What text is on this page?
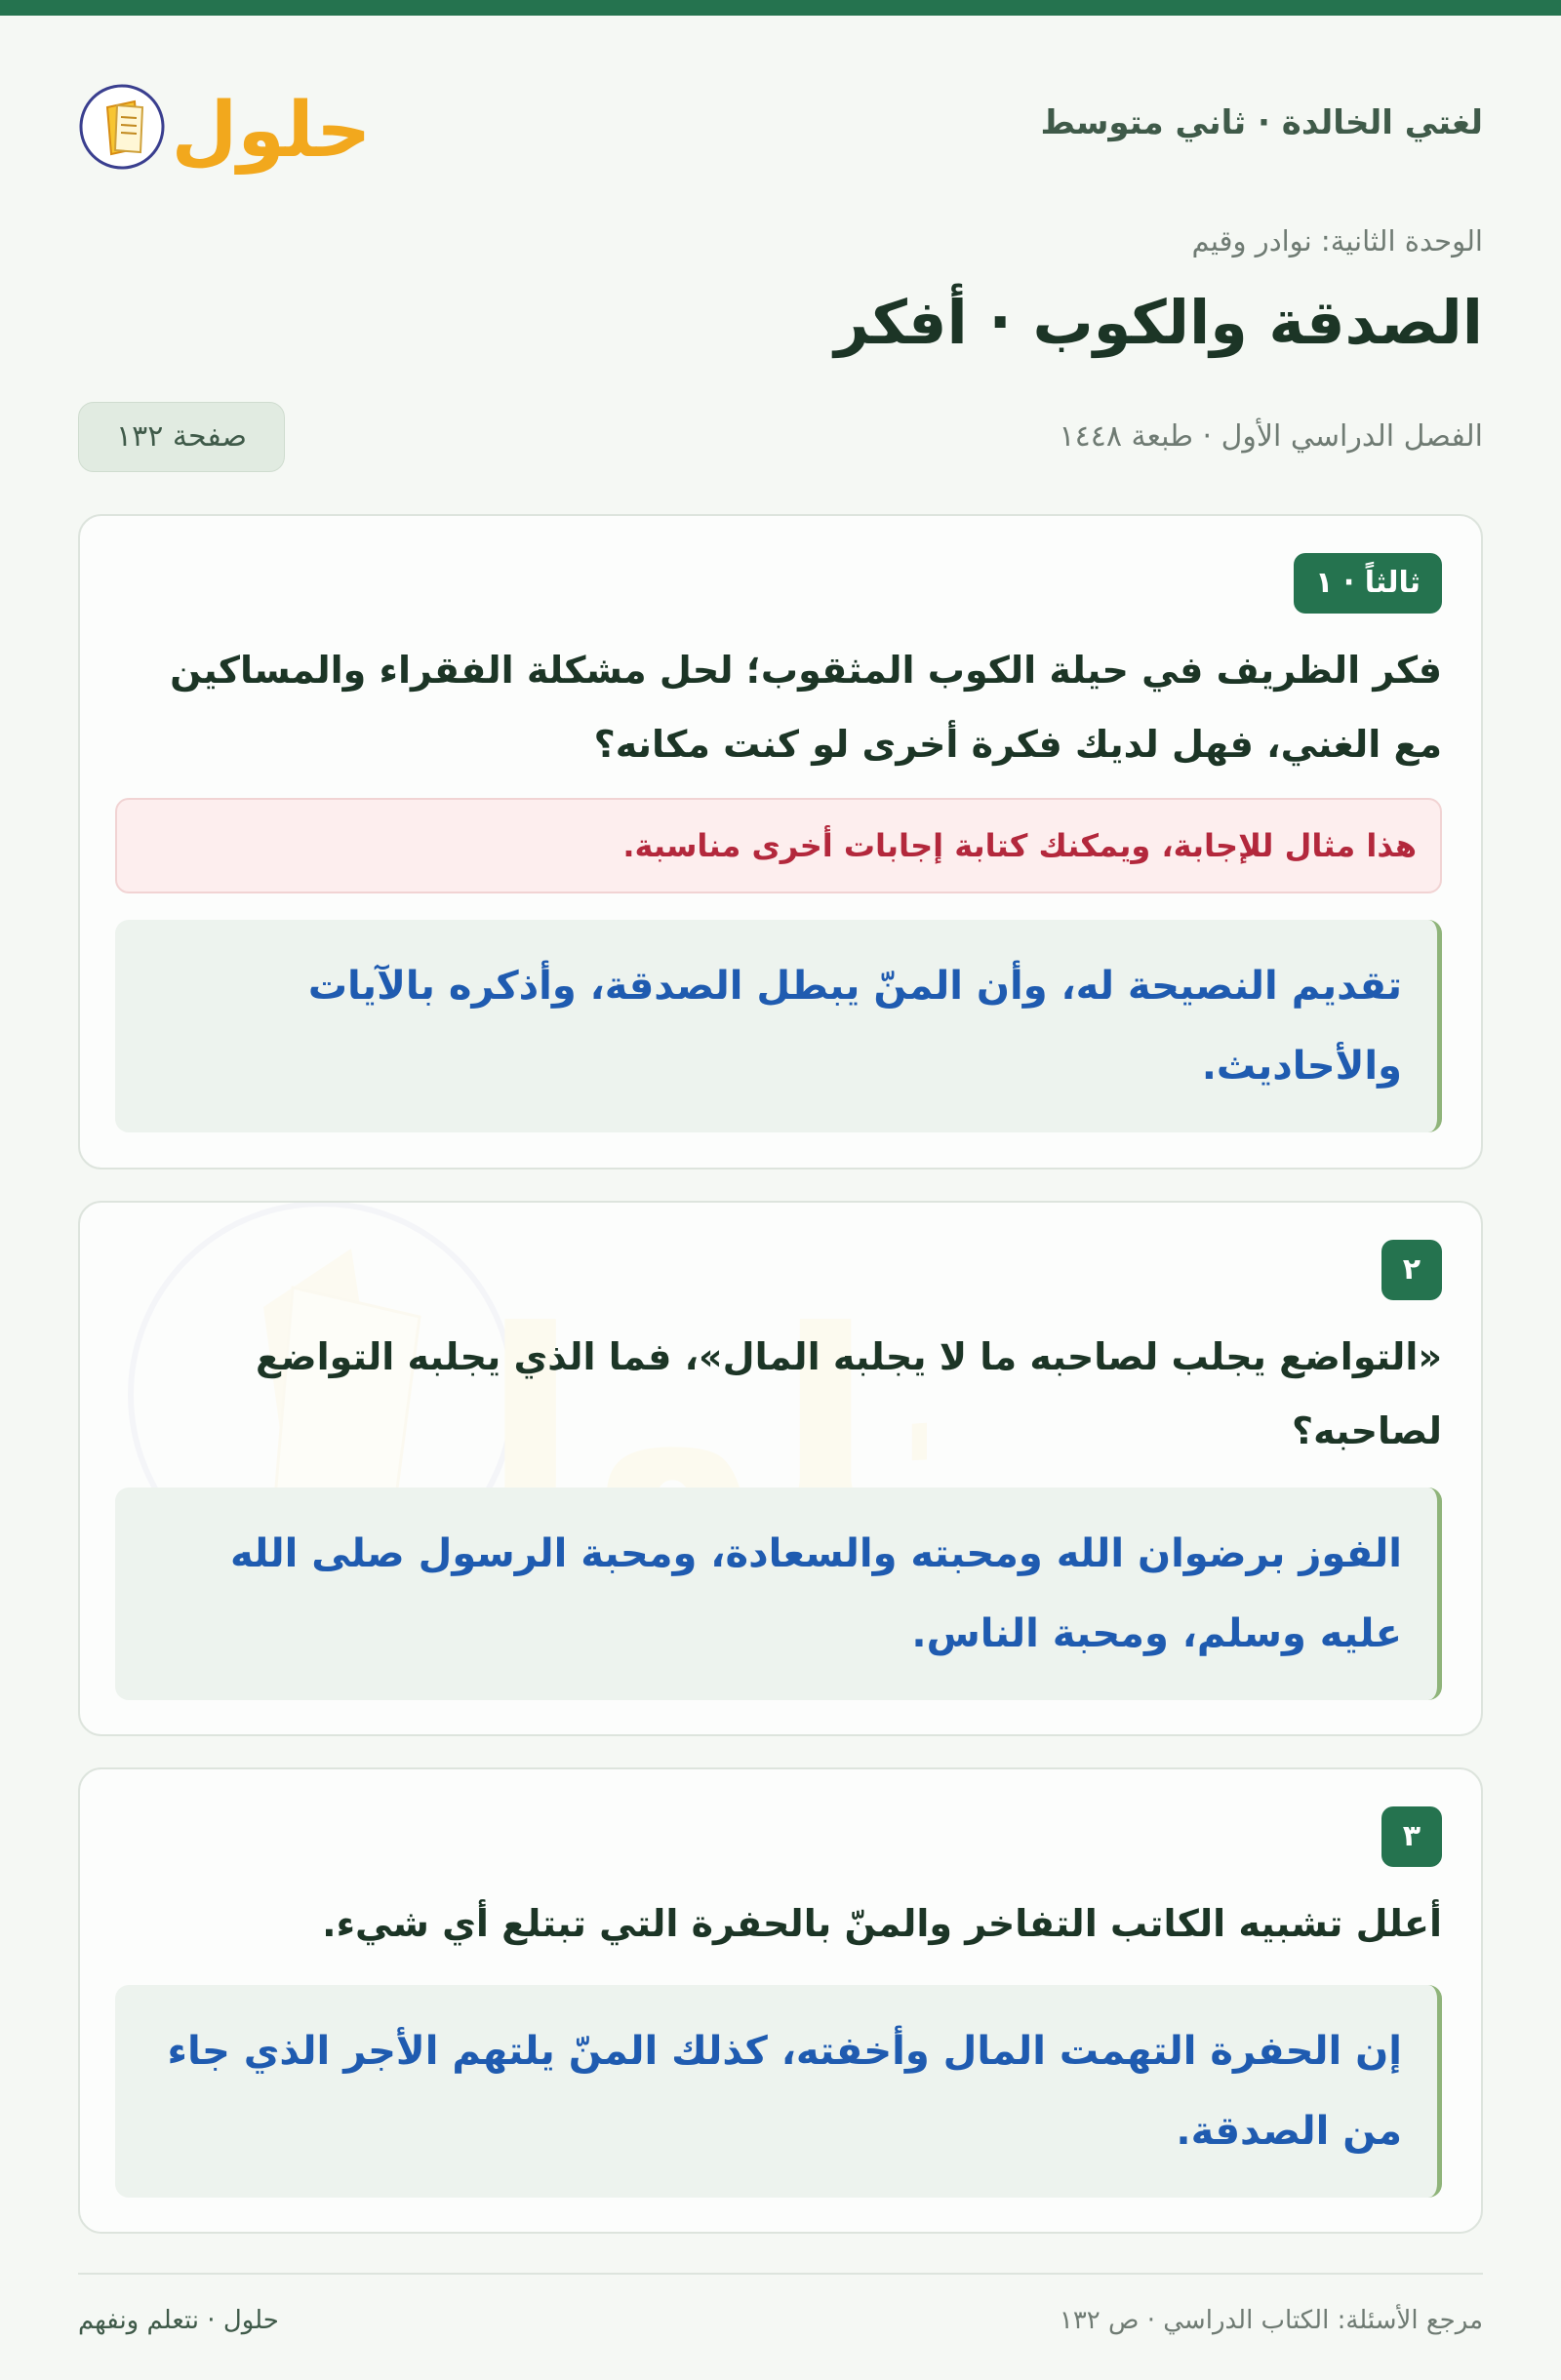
حلول	لغتي الخالدة · ثاني متوسط
الوحدة الثانية: نوادر وقيم
الصدقة والكوب · أفكر
الفصل الدراسي الأول · طبعة ١٤٤٨
صفحة ١٣٢
ثالثاً · ١

فكر الظريف في حيلة الكوب المثقوب؛ لحل مشكلة الفقراء والمساكين مع الغني، فهل لديك فكرة أخرى لو كنت مكانه؟

هذا مثال للإجابة، ويمكنك كتابة إجابات أخرى مناسبة.
تقديم النصيحة له، وأن المنّ يبطل الصدقة، وأذكره بالآيات والأحاديث.
٢

«التواضع يجلب لصاحبه ما لا يجلبه المال»، فما الذي يجلبه التواضع لصاحبه؟

الفوز برضوان الله ومحبته والسعادة، ومحبة الرسول صلى الله عليه وسلم، ومحبة الناس.
٣

أعلل تشبيه الكاتب التفاخر والمنّ بالحفرة التي تبتلع أي شيء.

إن الحفرة التهمت المال وأخفته، كذلك المنّ يلتهم الأجر الذي جاء من الصدقة.
مرجع الأسئلة: الكتاب الدراسي · ص ١٣٢
حلول · نتعلم ونفهم
